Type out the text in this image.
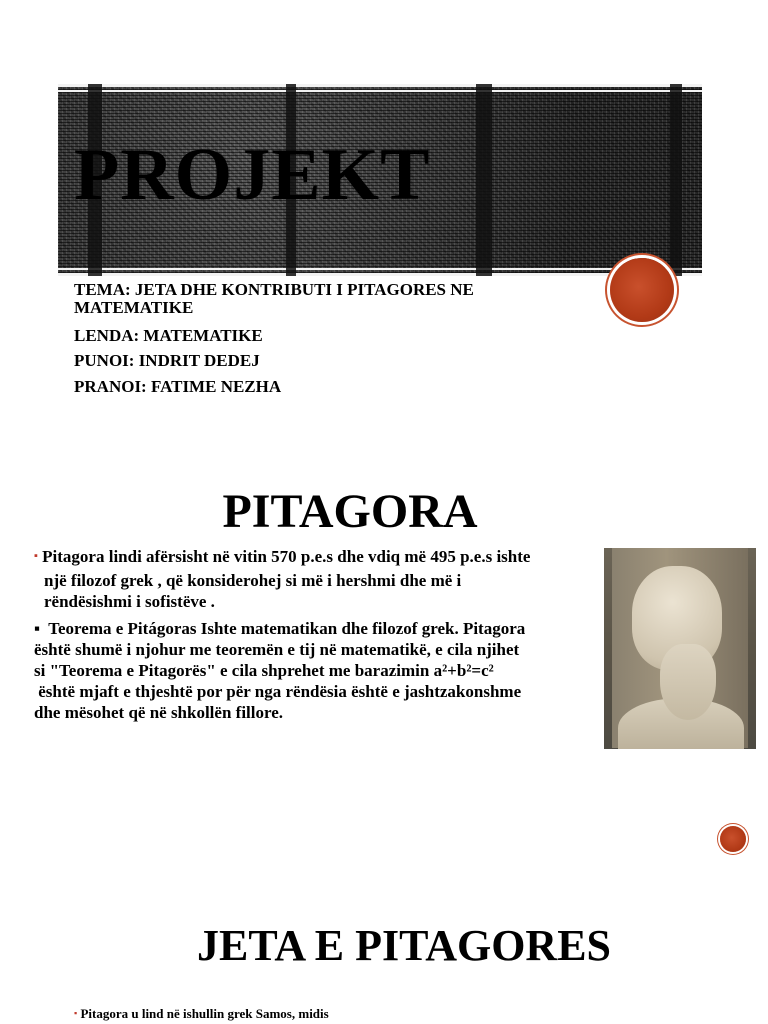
PROJEKT
TEMA: JETA DHE KONTRIBUTI I PITAGORES NE MATEMATIKE
LENDA: MATEMATIKE
PUNOI: INDRIT DEDEJ
PRANOI: FATIME NEZHA
PITAGORA
▪ Pitagora lindi afërsisht në vitin 570 p.e.s dhe vdiq më 495 p.e.s ishte
një filozof grek , që konsiderohej si më i hershmi dhe më i
rëndësishmi i sofistëve .
▪ Teorema e Pitágoras Ishte matematikan dhe filozof grek. Pitagora
është shumë i njohur me teoremën e tij në matematikë, e cila njihet
si "Teorema e Pitagorës" e cila shprehet me barazimin a²+b²=c²
është mjaft e thjeshtë por për nga rëndësia është e jashtzakonshme
dhe mësohet që në shkollën fillore.
JETA E PITAGORES
▪ Pitagora u lind në ishullin grek Samos, midis
